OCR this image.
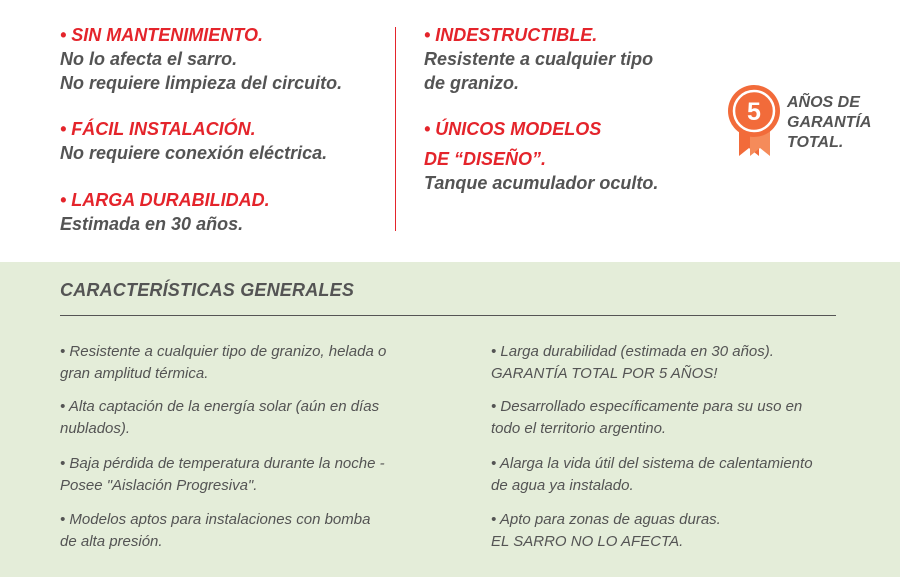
• SIN MANTENIMIENTO.
No lo afecta el sarro.
No requiere limpieza del circuito.
• FÁCIL INSTALACIÓN.
No requiere conexión eléctrica.
• LARGA DURABILIDAD.
Estimada en 30 años.
• INDESTRUCTIBLE.
Resistente a cualquier tipo
de granizo.
• ÚNICOS MODELOS
DE “DISEÑO”.
Tanque acumulador oculto.
5 AÑOS DE
GARANTÍA
TOTAL.
CARACTERÍSTICAS GENERALES
• Resistente a cualquier tipo de granizo, helada o
gran amplitud térmica.
• Alta captación de la energía solar (aún en días
nublados).
• Baja pérdida de temperatura durante la noche -
Posee "Aislación Progresiva".
• Modelos aptos para instalaciones con bomba
de alta presión.
• Larga durabilidad (estimada en 30 años).
GARANTÍA TOTAL POR 5 AÑOS!
• Desarrollado específicamente para su uso en
todo el territorio argentino.
• Alarga la vida útil del sistema de calentamiento
de agua ya instalado.
• Apto para zonas de aguas duras.
EL SARRO NO LO AFECTA.
